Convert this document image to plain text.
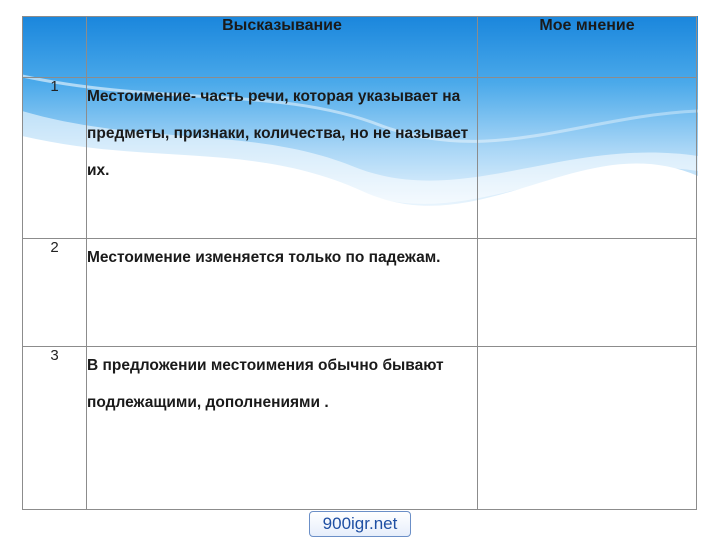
	Высказывание	Мое мнение
1	Местоимение- часть речи, которая указывает на предметы, признаки, количества, но не называет их.	
2	Местоимение изменяется только по падежам.	
3	В предложении местоимения обычно бывают подлежащими, дополнениями .	
900igr.net
